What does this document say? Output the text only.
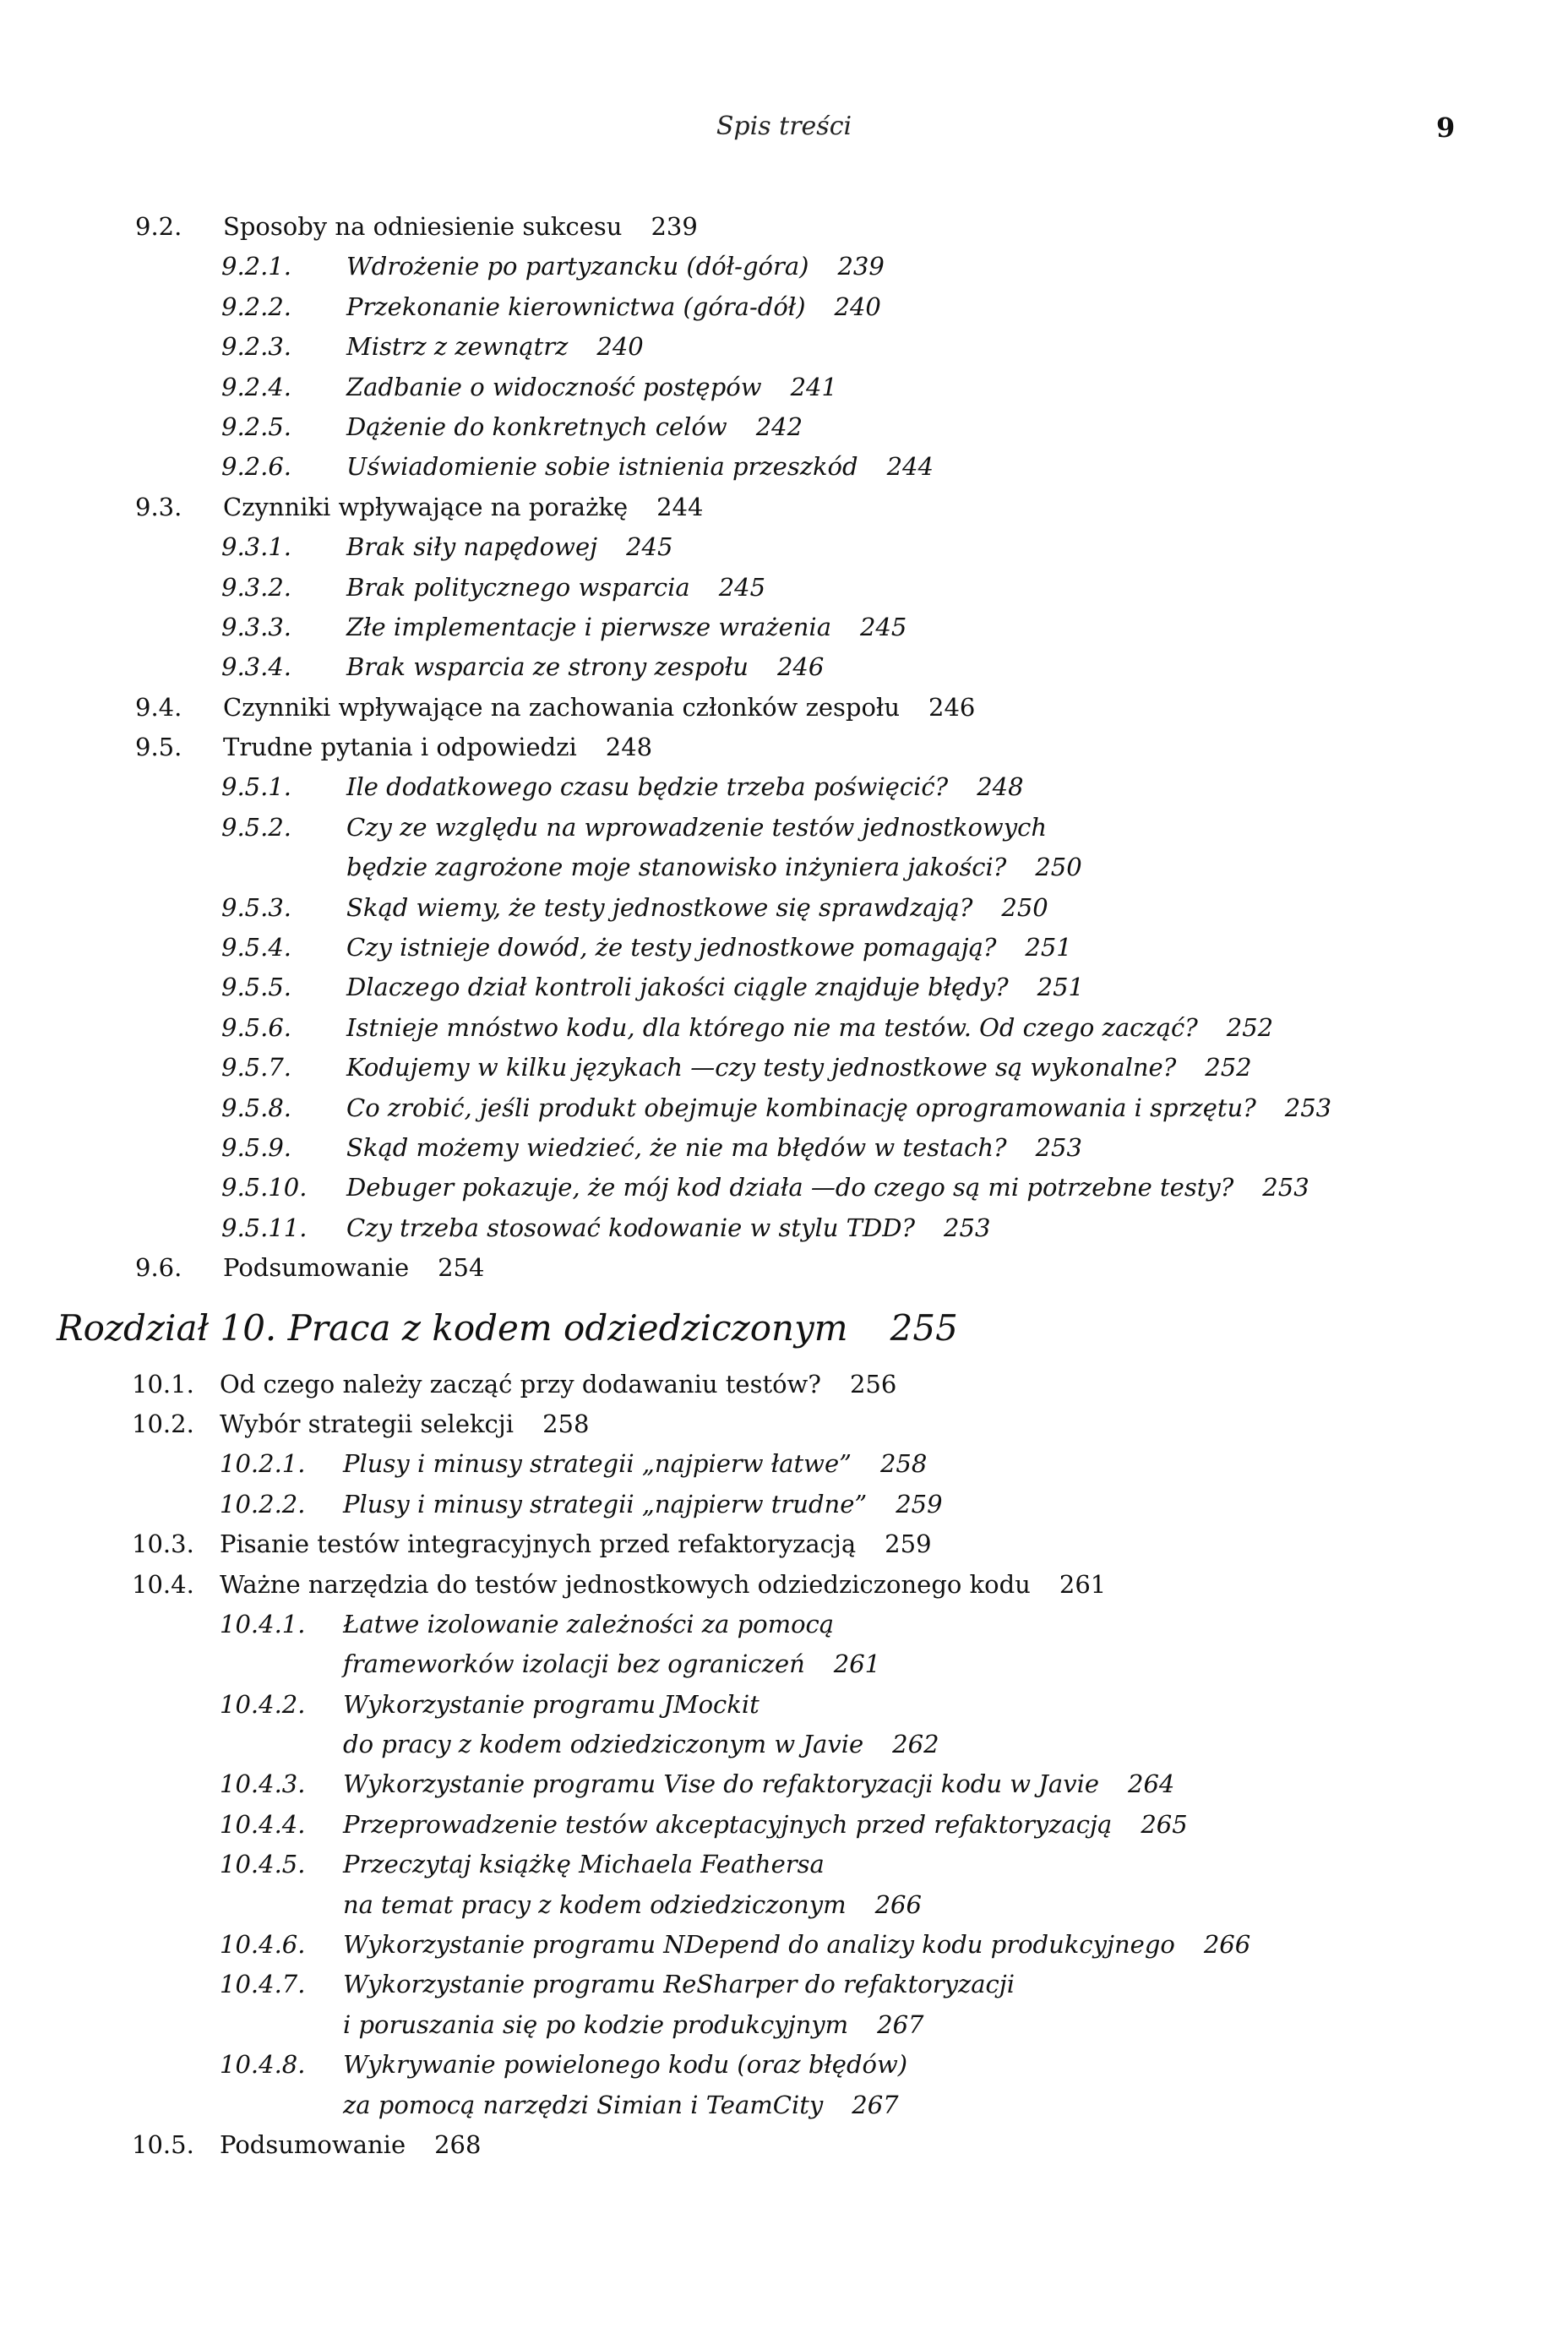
Spis treści	9
9.2. Sposoby na odniesienie sukcesu 239
9.2.1. Wdrożenie po partyzancku (dół-góra) 239
9.2.2. Przekonanie kierownictwa (góra-dół) 240
9.2.3. Mistrz z zewnątrz 240
9.2.4. Zadbanie o widoczność postępów 241
9.2.5. Dążenie do konkretnych celów 242
9.2.6. Uświadomienie sobie istnienia przeszkód 244
9.3. Czynniki wpływające na porażkę 244
9.3.1. Brak siły napędowej 245
9.3.2. Brak politycznego wsparcia 245
9.3.3. Złe implementacje i pierwsze wrażenia 245
9.3.4. Brak wsparcia ze strony zespołu 246
9.4. Czynniki wpływające na zachowania członków zespołu 246
9.5. Trudne pytania i odpowiedzi 248
9.5.1. Ile dodatkowego czasu będzie trzeba poświęcić? 248
9.5.2. Czy ze względu na wprowadzenie testów jednostkowych
będzie zagrożone moje stanowisko inżyniera jakości? 250
9.5.3. Skąd wiemy, że testy jednostkowe się sprawdzają? 250
9.5.4. Czy istnieje dowód, że testy jednostkowe pomagają? 251
9.5.5. Dlaczego dział kontroli jakości ciągle znajduje błędy? 251
9.5.6. Istnieje mnóstwo kodu, dla którego nie ma testów. Od czego zacząć? 252
9.5.7. Kodujemy w kilku językach —czy testy jednostkowe są wykonalne? 252
9.5.8. Co zrobić, jeśli produkt obejmuje kombinację oprogramowania i sprzętu? 253
9.5.9. Skąd możemy wiedzieć, że nie ma błędów w testach? 253
9.5.10. Debuger pokazuje, że mój kod działa —do czego są mi potrzebne testy? 253
9.5.11. Czy trzeba stosować kodowanie w stylu TDD? 253
9.6. Podsumowanie 254
Rozdział 10. Praca z kodem odziedziczonym 255
10.1. Od czego należy zacząć przy dodawaniu testów? 256
10.2. Wybór strategii selekcji 258
10.2.1. Plusy i minusy strategii „najpierw łatwe” 258
10.2.2. Plusy i minusy strategii „najpierw trudne” 259
10.3. Pisanie testów integracyjnych przed refaktoryzacją 259
10.4. Ważne narzędzia do testów jednostkowych odziedziczonego kodu 261
10.4.1. Łatwe izolowanie zależności za pomocą
frameworków izolacji bez ograniczeń 261
10.4.2. Wykorzystanie programu JMockit
do pracy z kodem odziedziczonym w Javie 262
10.4.3. Wykorzystanie programu Vise do refaktoryzacji kodu w Javie 264
10.4.4. Przeprowadzenie testów akceptacyjnych przed refaktoryzacją 265
10.4.5. Przeczytaj książkę Michaela Feathersa
na temat pracy z kodem odziedziczonym 266
10.4.6. Wykorzystanie programu NDepend do analizy kodu produkcyjnego 266
10.4.7. Wykorzystanie programu ReSharper do refaktoryzacji
i poruszania się po kodzie produkcyjnym 267
10.4.8. Wykrywanie powielonego kodu (oraz błędów)
za pomocą narzędzi Simian i TeamCity 267
10.5. Podsumowanie 268
